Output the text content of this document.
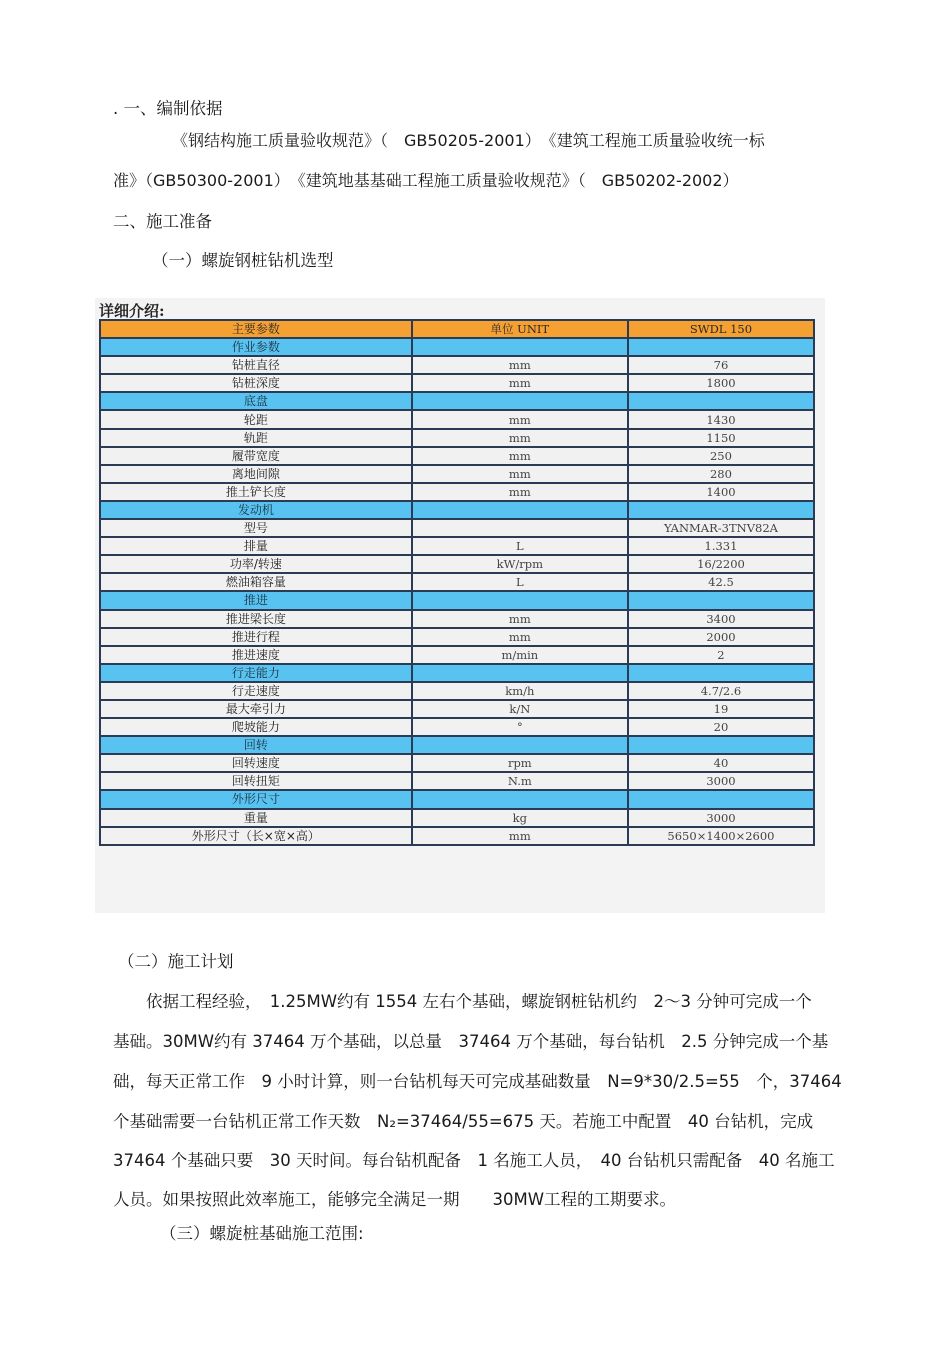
. 一、编制依据
《钢结构施工质量验收规范》（　GB50205-2001）　《建筑工程施工质量验收统一标
准》（GB50300-2001）　《建筑地基基础工程施工质量验收规范》（　GB50202-2002）
二、施工准备
（一）螺旋钢桩钻机选型
详细介绍:
主要参数	单位 UNIT	SWDL 150
作业参数		
钻桩直径	mm	76
钻桩深度	mm	1800
底盘		
轮距	mm	1430
轨距	mm	1150
履带宽度	mm	250
离地间隙	mm	280
推土铲长度	mm	1400
发动机		
型号		YANMAR-3TNV82A
排量	L	1.331
功率/转速	kW/rpm	16/2200
燃油箱容量	L	42.5
推进		
推进梁长度	mm	3400
推进行程	mm	2000
推进速度	m/min	2
行走能力		
行走速度	km/h	4.7/2.6
最大牵引力	k/N	19
爬坡能力	°	20
回转		
回转速度	rpm	40
回转扭矩	N.m	3000
外形尺寸		
重量	kg	3000
外形尺寸（长×宽×高）	mm	5650×1400×2600
（二）施工计划
依据工程经验，　1.25MW约有 1554 左右个基础，螺旋钢桩钻机约　2～3 分钟可完成一个
基础。30MW约有 37464 万个基础，以总量　37464 万个基础，每台钻机　2.5 分钟完成一个基
础，每天正常工作　9 小时计算，则一台钻机每天可完成基础数量　N=9*30/2.5=55　个，37464
个基础需要一台钻机正常工作天数　N₂=37464/55=675 天。若施工中配置　40 台钻机，完成
37464 个基础只要　30 天时间。每台钻机配备　1 名施工人员，　40 台钻机只需配备　40 名施工
人员。如果按照此效率施工，能够完全满足一期　　30MW工程的工期要求。
（三）螺旋桩基础施工范围:
